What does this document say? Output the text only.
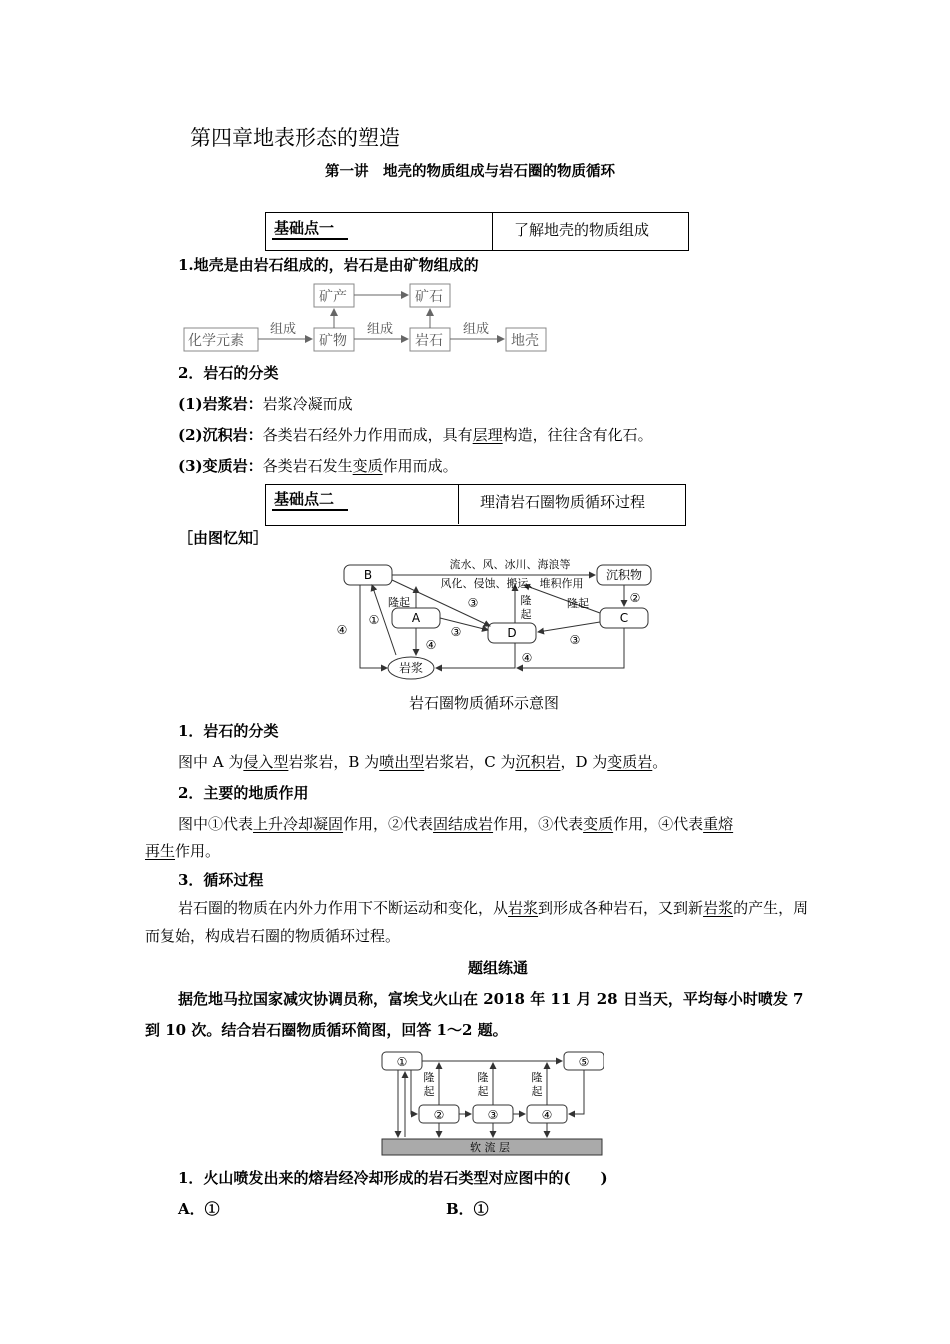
第四章地表形态的塑造
第一讲　地壳的物质组成与岩石圈的物质循环
基础点一	了解地壳的物质组成
1.地壳是由岩石组成的，岩石是由矿物组成的
化学元素	矿物	岩石	地壳
矿产	矿石
组成	组成	组成
2．岩石的分类
(1)岩浆岩：岩浆冷凝而成
(2)沉积岩：各类岩石经外力作用而成，具有层理构造，往往含有化石。
(3)变质岩：各类岩石发生变质作用而成。
基础点二	理清岩石圈物质循环过程
［由图忆知］
B
A
D
C
沉积物
岩浆
流水、风、冰川、海浪等
风化、侵蚀、搬运、堆积作用
隆起	隆起
隆
起
①
④
③
③
③
④
④
②
岩石圈物质循环示意图
1．岩石的分类
图中 A 为侵入型岩浆岩，B 为喷出型岩浆岩，C 为沉积岩，D 为变质岩。
2．主要的地质作用
图中①代表上升冷却凝固作用，②代表固结成岩作用，③代表变质作用，④代表重熔
再生作用。
3．循环过程
岩石圈的物质在内外力作用下不断运动和变化，从岩浆到形成各种岩石，又到新岩浆的产生，周而复始，构成岩石圈的物质循环过程。
题组练通
据危地马拉国家减灾协调员称，富埃戈火山在 2018 年 11 月 28 日当天，平均每小时喷发 7 到 10 次。结合岩石圈物质循环简图，回答 1～2 题。
①	⑤
②	③	④
软 流 层
隆
起
隆
起
隆
起
1．火山喷发出来的熔岩经冷却形成的岩石类型对应图中的(　　)
A．①	B．①
